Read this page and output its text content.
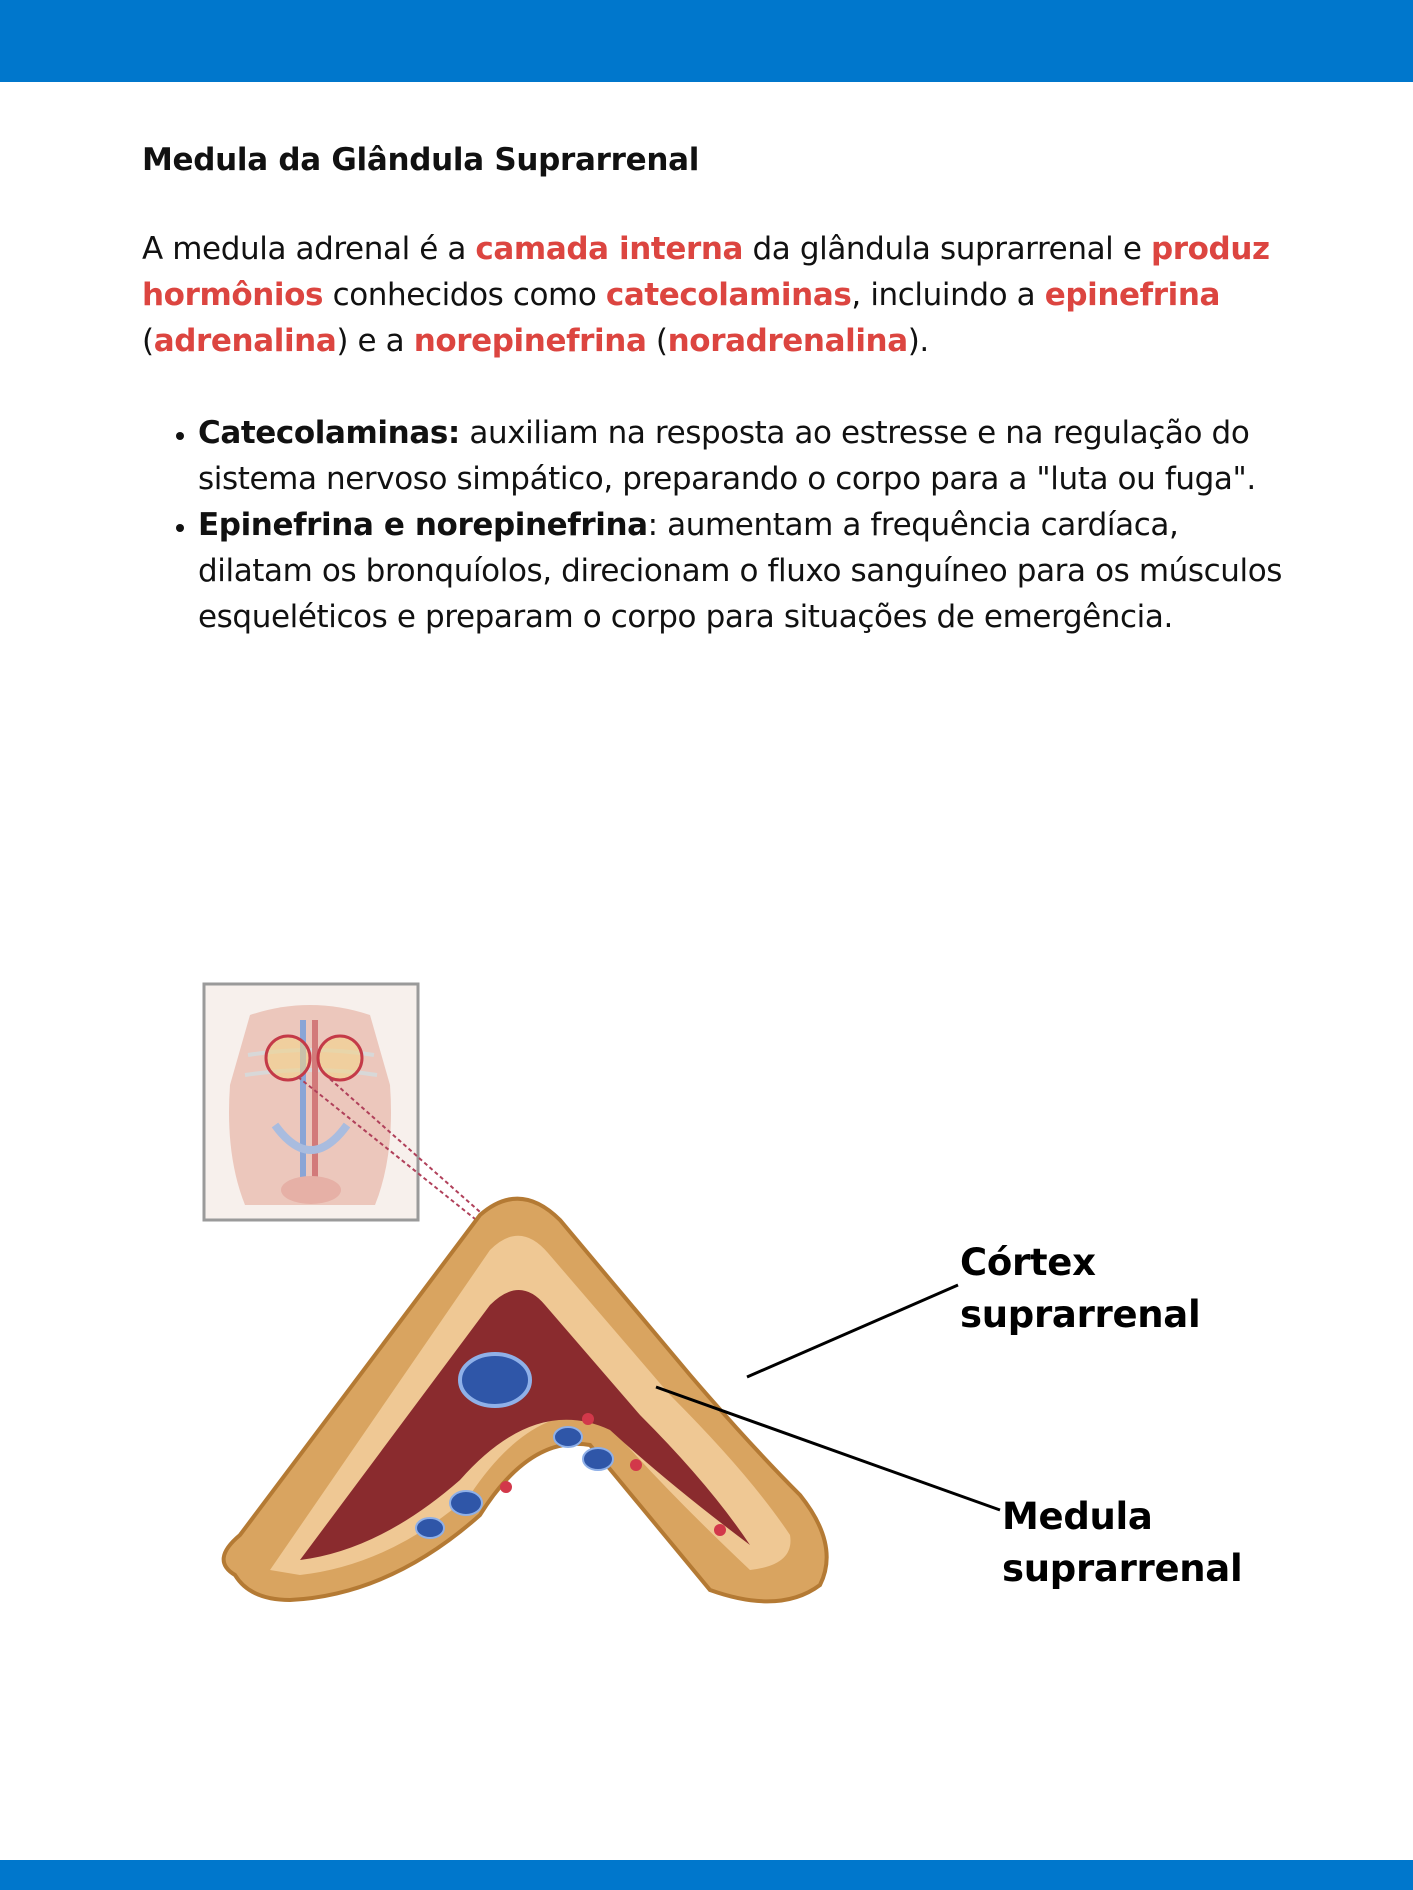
Medula da Glândula Suprarrenal

A medula adrenal é a camada interna da glândula suprarrenal e produz hormônios conhecidos como catecolaminas, incluindo a epinefrina (adrenalina) e a norepinefrina (noradrenalina).

• Catecolaminas: auxiliam na resposta ao estresse e na regulação do sistema nervoso simpático, preparando o corpo para a "luta ou fuga".
• Epinefrina e norepinefrina: aumentam a frequência cardíaca, dilatam os bronquíolos, direcionam o fluxo sanguíneo para os músculos esqueléticos e preparam o corpo para situações de emergência.
Córtex
suprarrenal
Medula
suprarrenal
